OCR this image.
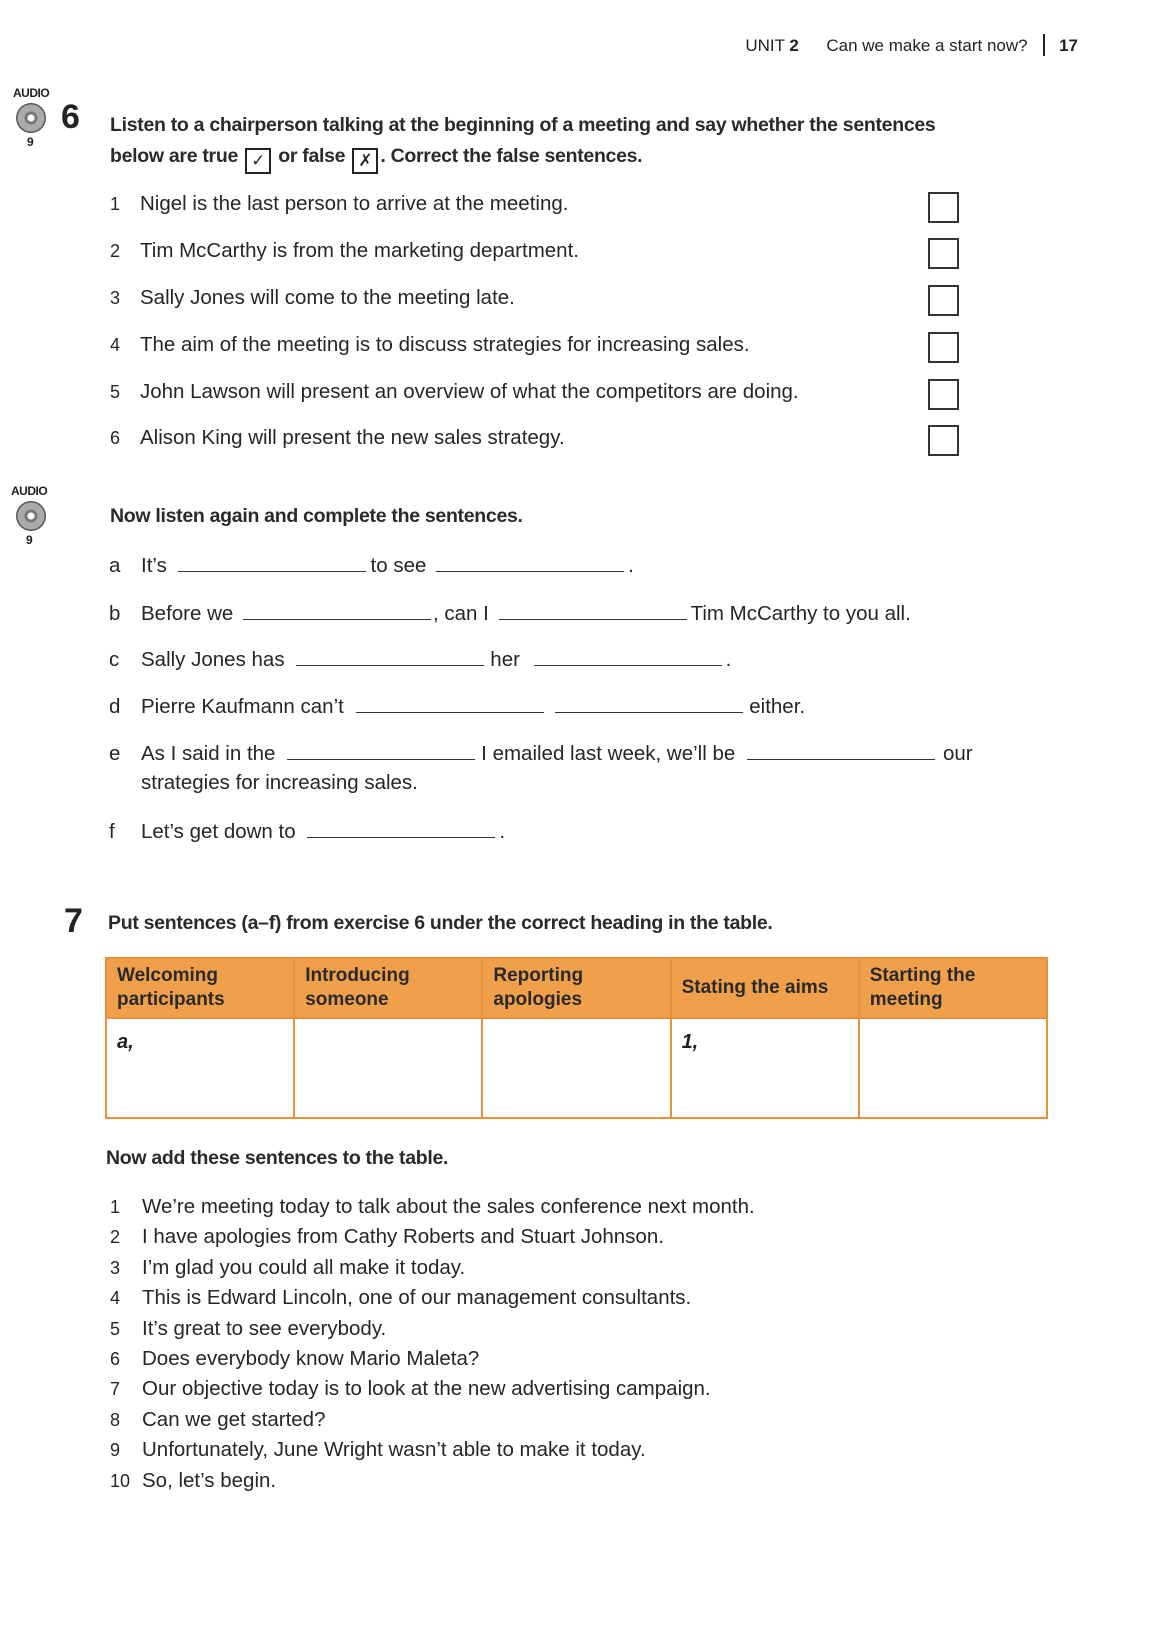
UNIT 2 Can we make a start now? 17
AUDIO
9
6 Listen to a chairperson talking at the beginning of a meeting and say whether the sentences
below are true ✓ or false ✗ . Correct the false sentences.
1 Nigel is the last person to arrive at the meeting.
2 Tim McCarthy is from the marketing department.
3 Sally Jones will come to the meeting late.
4 The aim of the meeting is to discuss strategies for increasing sales.
5 John Lawson will present an overview of what the competitors are doing.
6 Alison King will present the new sales strategy.
AUDIO
9
Now listen again and complete the sentences.
a It’s	to see	.
b Before we	, can I	Tim McCarthy to you all.
c Sally Jones has	her	.
d Pierre Kaufmann can’t	either.
e As I said in the	I emailed last week, we’ll be	our
strategies for increasing sales.
f Let’s get down to	.
7 Put sentences (a–f) from exercise 6 under the correct heading in the table.
Welcoming participants	Introducing someone	Reporting apologies	Stating the aims	Starting the meeting
a,			1,	
Now add these sentences to the table.
1 We’re meeting today to talk about the sales conference next month.
2 I have apologies from Cathy Roberts and Stuart Johnson.
3 I’m glad you could all make it today.
4 This is Edward Lincoln, one of our management consultants.
5 It’s great to see everybody.
6 Does everybody know Mario Maleta?
7 Our objective today is to look at the new advertising campaign.
8 Can we get started?
9 Unfortunately, June Wright wasn’t able to make it today.
10 So, let’s begin.
